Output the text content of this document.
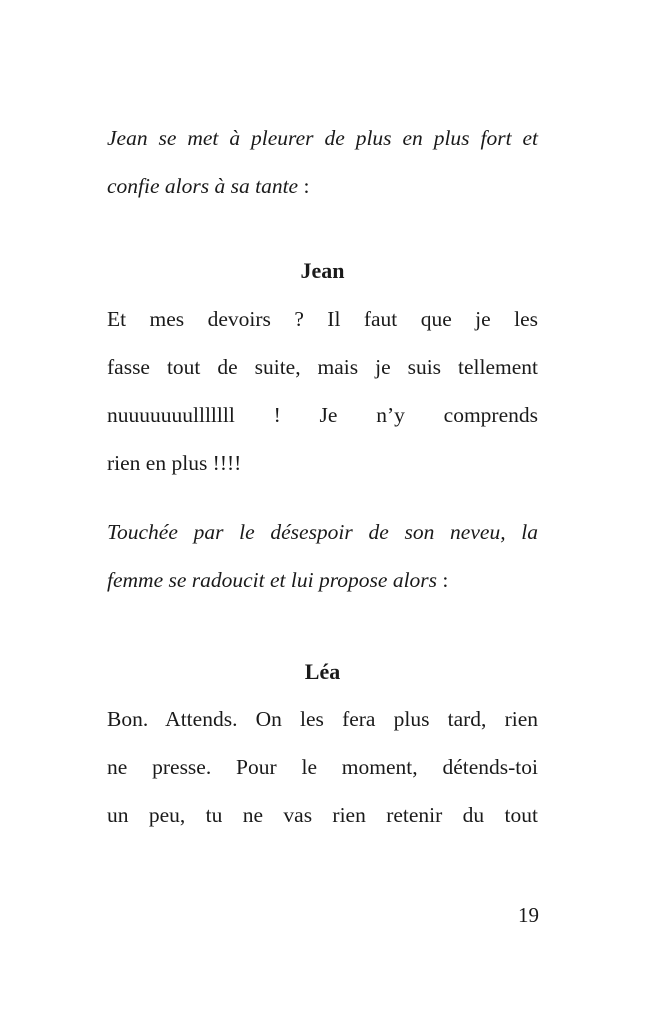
Jean se met à pleurer de plus en plus fort et
confie alors à sa tante :
Jean
Et mes devoirs ? Il faut que je les
fasse tout de suite, mais je suis tellement
nuuuuuuulllllll ! Je n’y comprends
rien en plus !!!!
Touchée par le désespoir de son neveu, la
femme se radoucit et lui propose alors :
Léa
Bon. Attends. On les fera plus tard, rien
ne presse. Pour le moment, détends-toi
un peu, tu ne vas rien retenir du tout
19
